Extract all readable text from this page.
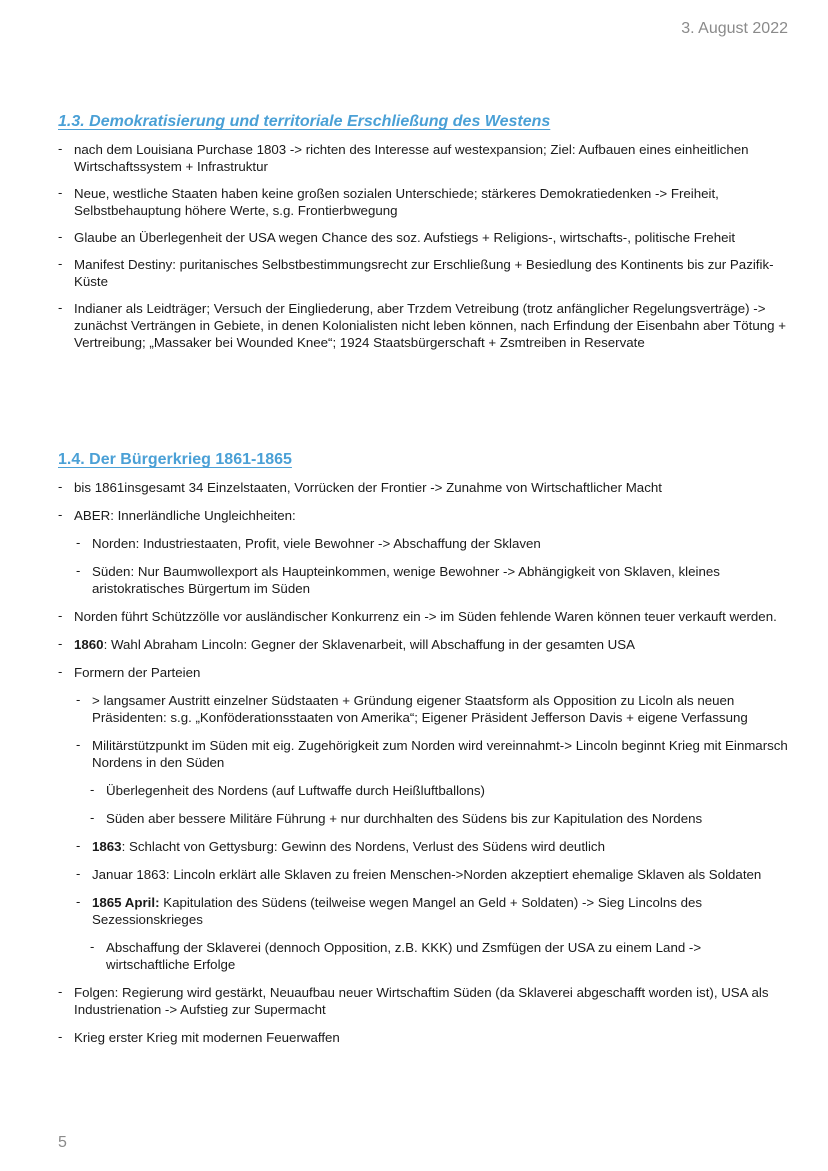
3. August 2022
1.3. Demokratisierung und territoriale Erschließung des Westens
- nach dem Louisiana Purchase 1803 -> richten des Interesse auf westexpansion; Ziel: Aufbauen eines einheitlichen Wirtschaftssystem + Infrastruktur
- Neue, westliche Staaten haben keine großen sozialen Unterschiede; stärkeres Demokratiedenken -> Freiheit, Selbstbehauptung höhere Werte, s.g. Frontierbwegung
- Glaube an Überlegenheit der USA wegen Chance des soz. Aufstiegs + Religions-, wirtschafts-, politische Freheit
- Manifest Destiny: puritanisches Selbstbestimmungsrecht zur Erschließung + Besiedlung des Kontinents bis zur Pazifik-Küste
- Indianer als Leidträger; Versuch der Eingliederung, aber Trzdem Vetreibung (trotz anfänglicher Regelungsverträge) -> zunächst Verträngen in Gebiete, in denen Kolonialisten nicht leben können, nach Erfindung der Eisenbahn aber Tötung + Vertreibung; „Massaker bei Wounded Knee“; 1924 Staatsbürgerschaft + Zsmtreiben in Reservate
1.4. Der Bürgerkrieg 1861-1865
- bis 1861insgesamt 34 Einzelstaaten, Vorrücken der Frontier -> Zunahme von Wirtschaftlicher Macht
- ABER: Innerländliche Ungleichheiten:
- Norden: Industriestaaten, Profit, viele Bewohner -> Abschaffung der Sklaven
- Süden: Nur Baumwollexport als Haupteinkommen, wenige Bewohner -> Abhängigkeit von Sklaven, kleines aristokratisches Bürgertum im Süden
- Norden führt Schützzölle vor ausländischer Konkurrenz ein -> im Süden fehlende Waren können teuer verkauft werden.
- 1860: Wahl Abraham Lincoln: Gegner der Sklavenarbeit, will Abschaffung in der gesamten USA
- Formern der Parteien
- > langsamer Austritt einzelner Südstaaten + Gründung eigener Staatsform als Opposition zu Licoln als neuen Präsidenten: s.g. „Konföderationsstaaten von Amerika“; Eigener Präsident Jefferson Davis + eigene Verfassung
- Militärstützpunkt im Süden mit eig. Zugehörigkeit zum Norden wird vereinnahmt-> Lincoln beginnt Krieg mit Einmarsch Nordens in den Süden
- Überlegenheit des Nordens (auf Luftwaffe durch Heißluftballons)
- Süden aber bessere Militäre Führung + nur durchhalten des Südens bis zur Kapitulation des Nordens
- 1863: Schlacht von Gettysburg: Gewinn des Nordens, Verlust des Südens wird deutlich
- Januar 1863: Lincoln erklärt alle Sklaven zu freien Menschen->Norden akzeptiert ehemalige Sklaven als Soldaten
- 1865 April: Kapitulation des Südens (teilweise wegen Mangel an Geld + Soldaten) -> Sieg Lincolns des Sezessionskrieges
- Abschaffung der Sklaverei (dennoch Opposition, z.B. KKK) und Zsmfügen der USA zu einem Land -> wirtschaftliche Erfolge
- Folgen: Regierung wird gestärkt, Neuaufbau neuer Wirtschaftim Süden (da Sklaverei abgeschafft worden ist), USA als Industrienation -> Aufstieg zur Supermacht
- Krieg erster Krieg mit modernen Feuerwaffen
5
